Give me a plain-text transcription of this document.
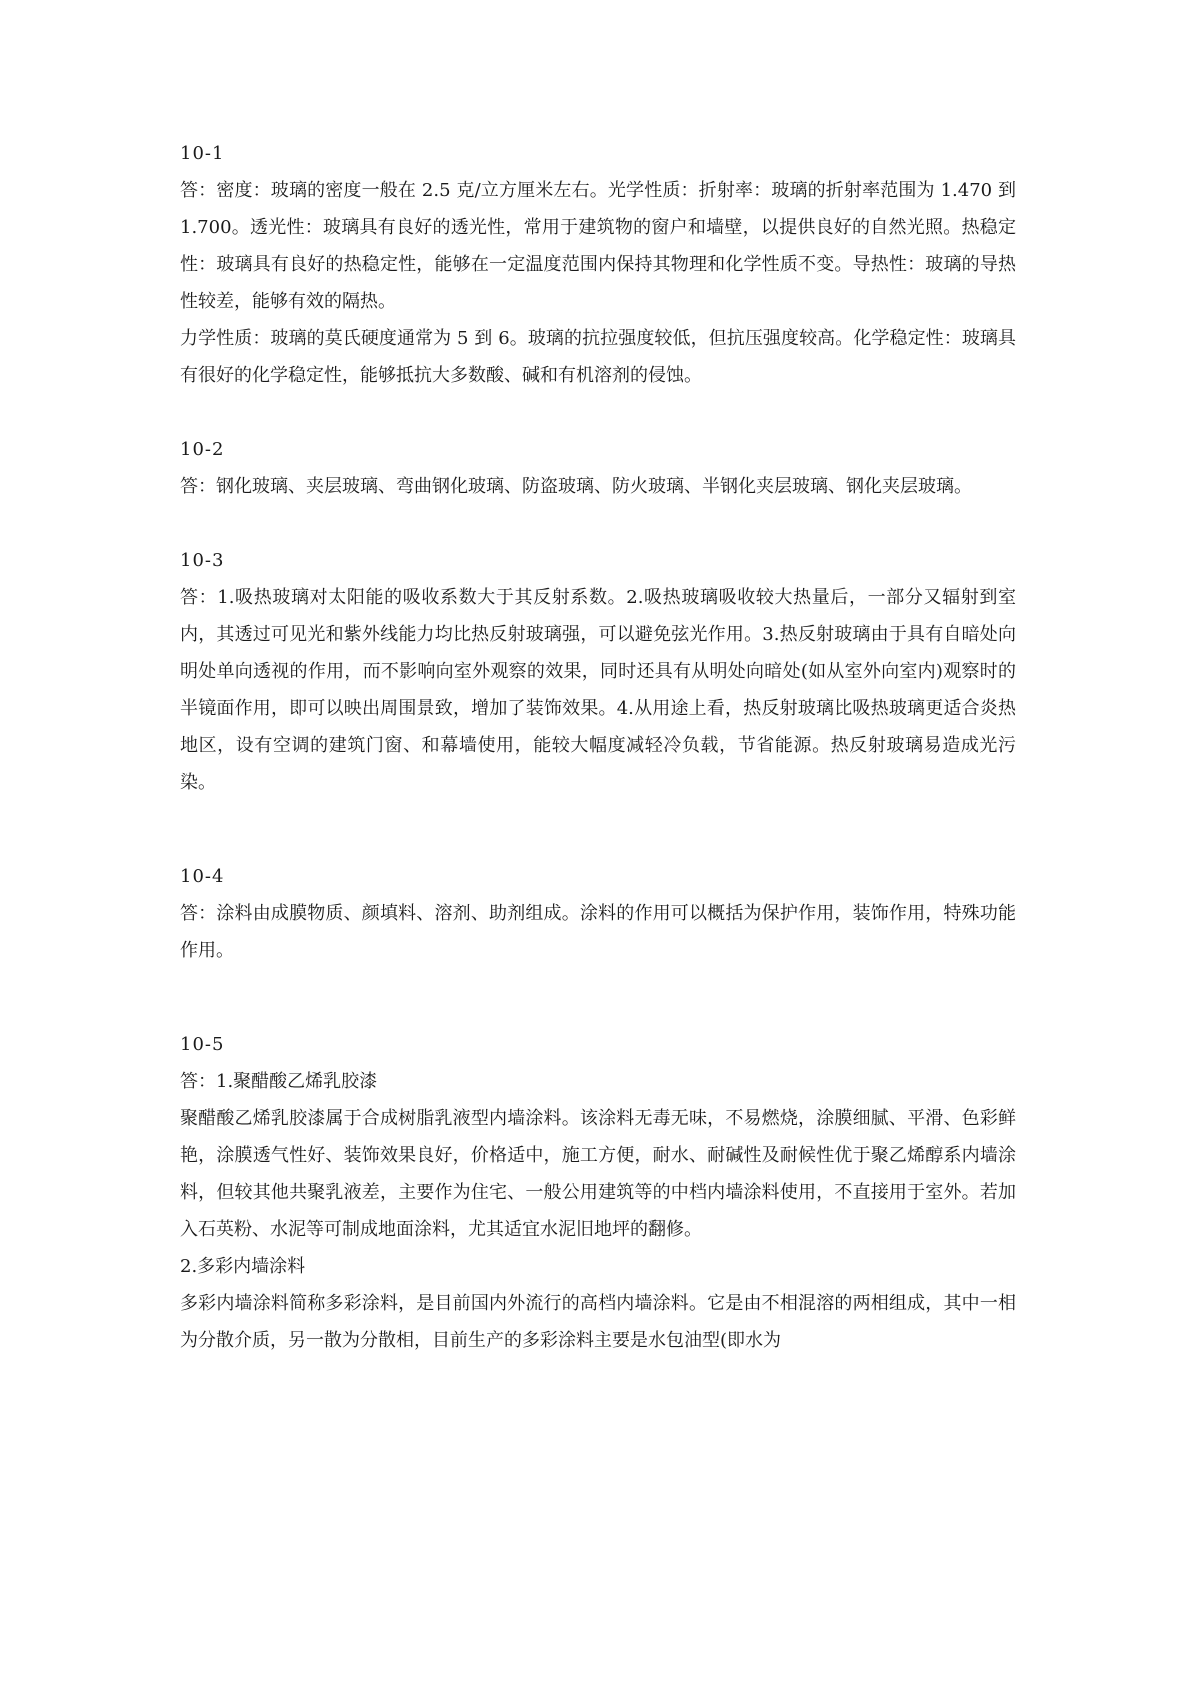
10-1

答：密度：玻璃的密度一般在 2.5 克/立方厘米左右。光学性质：折射率：玻璃的折射率范围为 1.470 到 1.700。透光性：玻璃具有良好的透光性，常用于建筑物的窗户和墙壁，以提供良好的自然光照。热稳定性：玻璃具有良好的热稳定性，能够在一定温度范围内保持其物理和化学性质不变。导热性：玻璃的导热性较差，能够有效的隔热。

力学性质：玻璃的莫氏硬度通常为 5 到 6。玻璃的抗拉强度较低，但抗压强度较高。化学稳定性：玻璃具有很好的化学稳定性，能够抵抗大多数酸、碱和有机溶剂的侵蚀。

10-2

答：钢化玻璃、夹层玻璃、弯曲钢化玻璃、防盗玻璃、防火玻璃、半钢化夹层玻璃、钢化夹层玻璃。

10-3

答：1.吸热玻璃对太阳能的吸收系数大于其反射系数。2.吸热玻璃吸收较大热量后，一部分又辐射到室内，其透过可见光和紫外线能力均比热反射玻璃强，可以避免弦光作用。3.热反射玻璃由于具有自暗处向明处单向透视的作用，而不影响向室外观察的效果，同时还具有从明处向暗处(如从室外向室内)观察时的半镜面作用，即可以映出周围景致，增加了装饰效果。4.从用途上看，热反射玻璃比吸热玻璃更适合炎热地区，设有空调的建筑门窗、和幕墙使用，能较大幅度减轻冷负载，节省能源。热反射玻璃易造成光污染。

10-4

答：涂料由成膜物质、颜填料、溶剂、助剂组成。涂料的作用可以概括为保护作用，装饰作用，特殊功能作用。

10-5

答：1.聚醋酸乙烯乳胶漆

聚醋酸乙烯乳胶漆属于合成树脂乳液型内墙涂料。该涂料无毒无味，不易燃烧，涂膜细腻、平滑、色彩鲜艳，涂膜透气性好、装饰效果良好，价格适中，施工方便，耐水、耐碱性及耐候性优于聚乙烯醇系内墙涂料，但较其他共聚乳液差，主要作为住宅、一般公用建筑等的中档内墙涂料使用，不直接用于室外。若加入石英粉、水泥等可制成地面涂料，尤其适宜水泥旧地坪的翻修。

2.多彩内墙涂料

多彩内墙涂料简称多彩涂料，是目前国内外流行的高档内墙涂料。它是由不相混溶的两相组成，其中一相为分散介质，另一散为分散相，目前生产的多彩涂料主要是水包油型(即水为
